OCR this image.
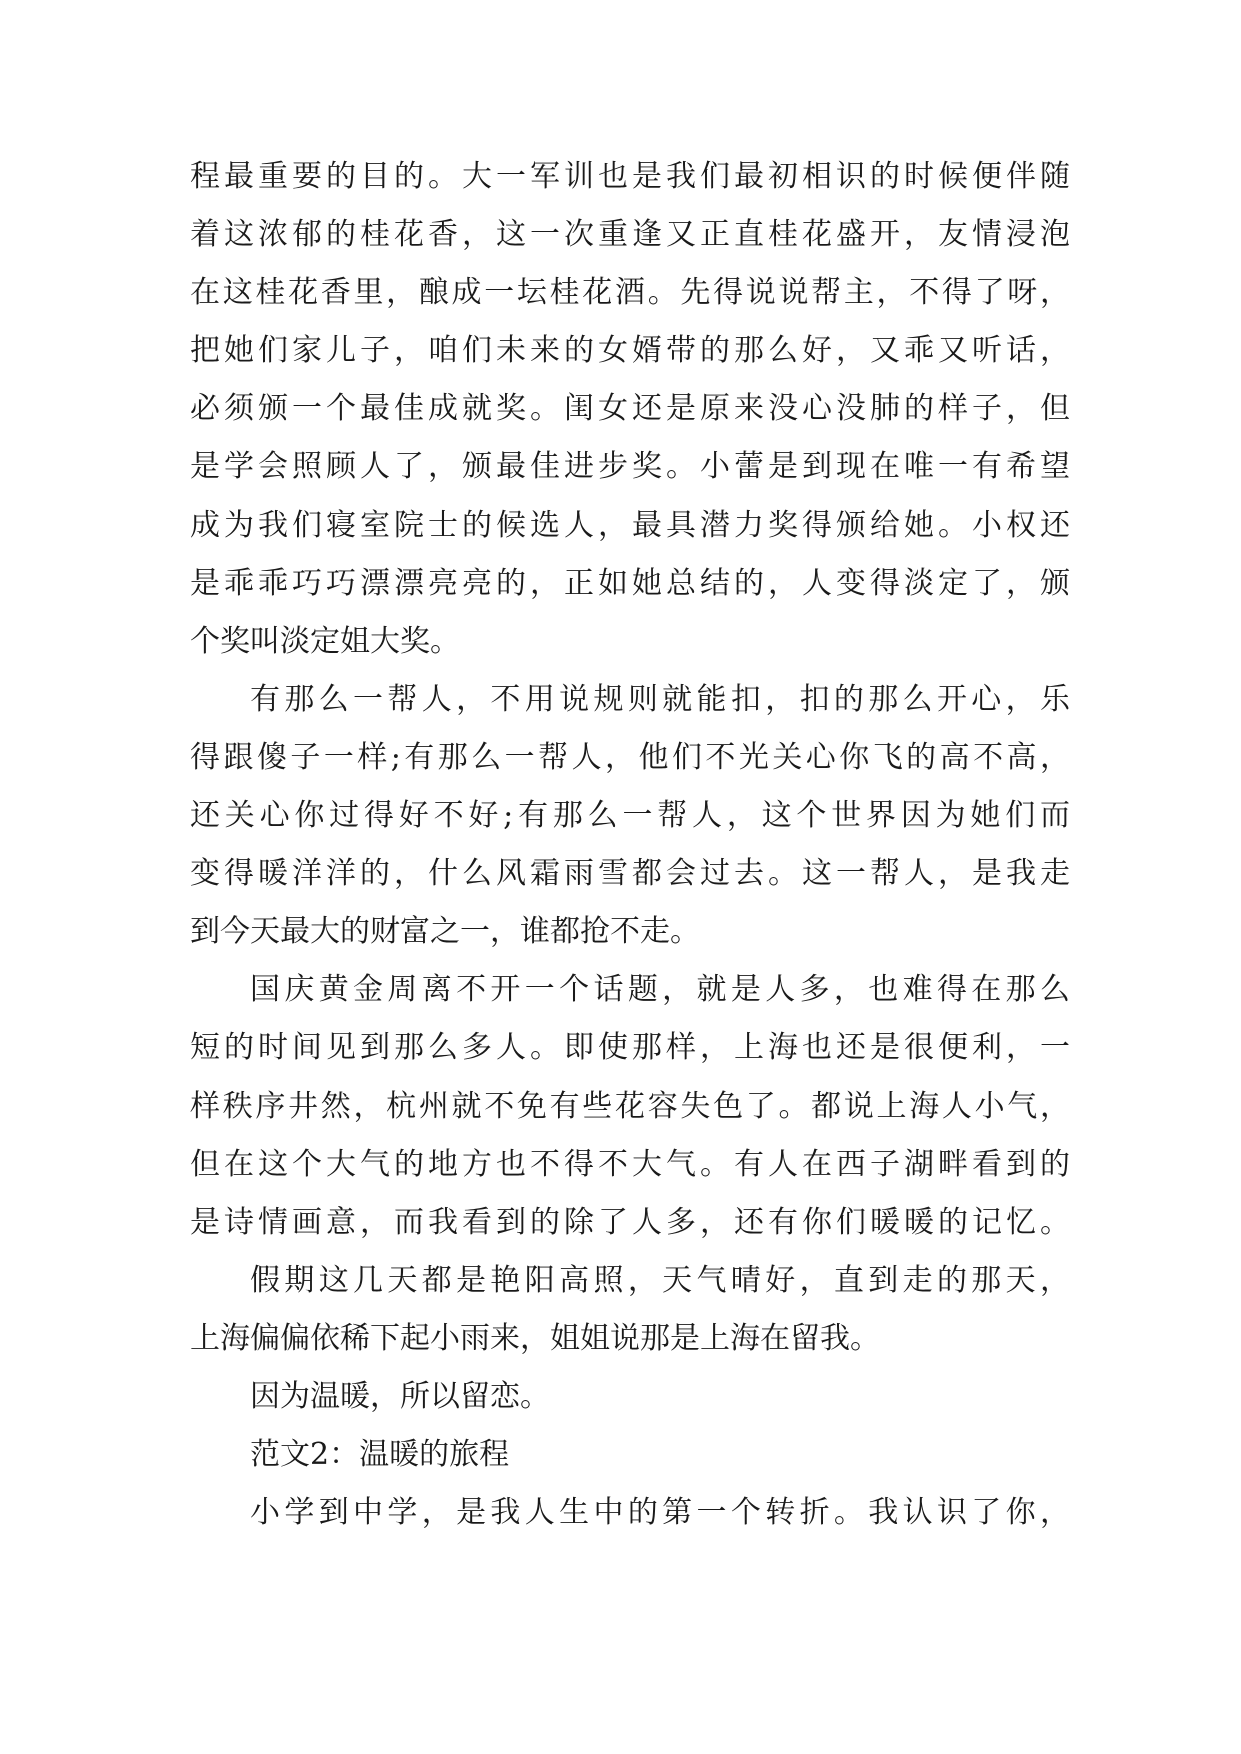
程最重要的目的。大一军训也是我们最初相识的时候便伴随
着这浓郁的桂花香，这一次重逢又正直桂花盛开，友情浸泡
在这桂花香里，酿成一坛桂花酒。先得说说帮主，不得了呀，
把她们家儿子，咱们未来的女婿带的那么好，又乖又听话，
必须颁一个最佳成就奖。闺女还是原来没心没肺的样子，但
是学会照顾人了，颁最佳进步奖。小蕾是到现在唯一有希望
成为我们寝室院士的候选人，最具潜力奖得颁给她。小权还
是乖乖巧巧漂漂亮亮的，正如她总结的，人变得淡定了，颁
个奖叫淡定姐大奖。
有那么一帮人，不用说规则就能扣，扣的那么开心，乐
得跟傻子一样;有那么一帮人，他们不光关心你飞的高不高，
还关心你过得好不好;有那么一帮人，这个世界因为她们而
变得暖洋洋的，什么风霜雨雪都会过去。这一帮人，是我走
到今天最大的财富之一，谁都抢不走。
国庆黄金周离不开一个话题，就是人多，也难得在那么
短的时间见到那么多人。即使那样，上海也还是很便利，一
样秩序井然，杭州就不免有些花容失色了。都说上海人小气，
但在这个大气的地方也不得不大气。有人在西子湖畔看到的
是诗情画意，而我看到的除了人多，还有你们暖暖的记忆。
假期这几天都是艳阳高照，天气晴好，直到走的那天，
上海偏偏依稀下起小雨来，姐姐说那是上海在留我。
因为温暖，所以留恋。
范文2：温暖的旅程
小学到中学，是我人生中的第一个转折。我认识了你，
